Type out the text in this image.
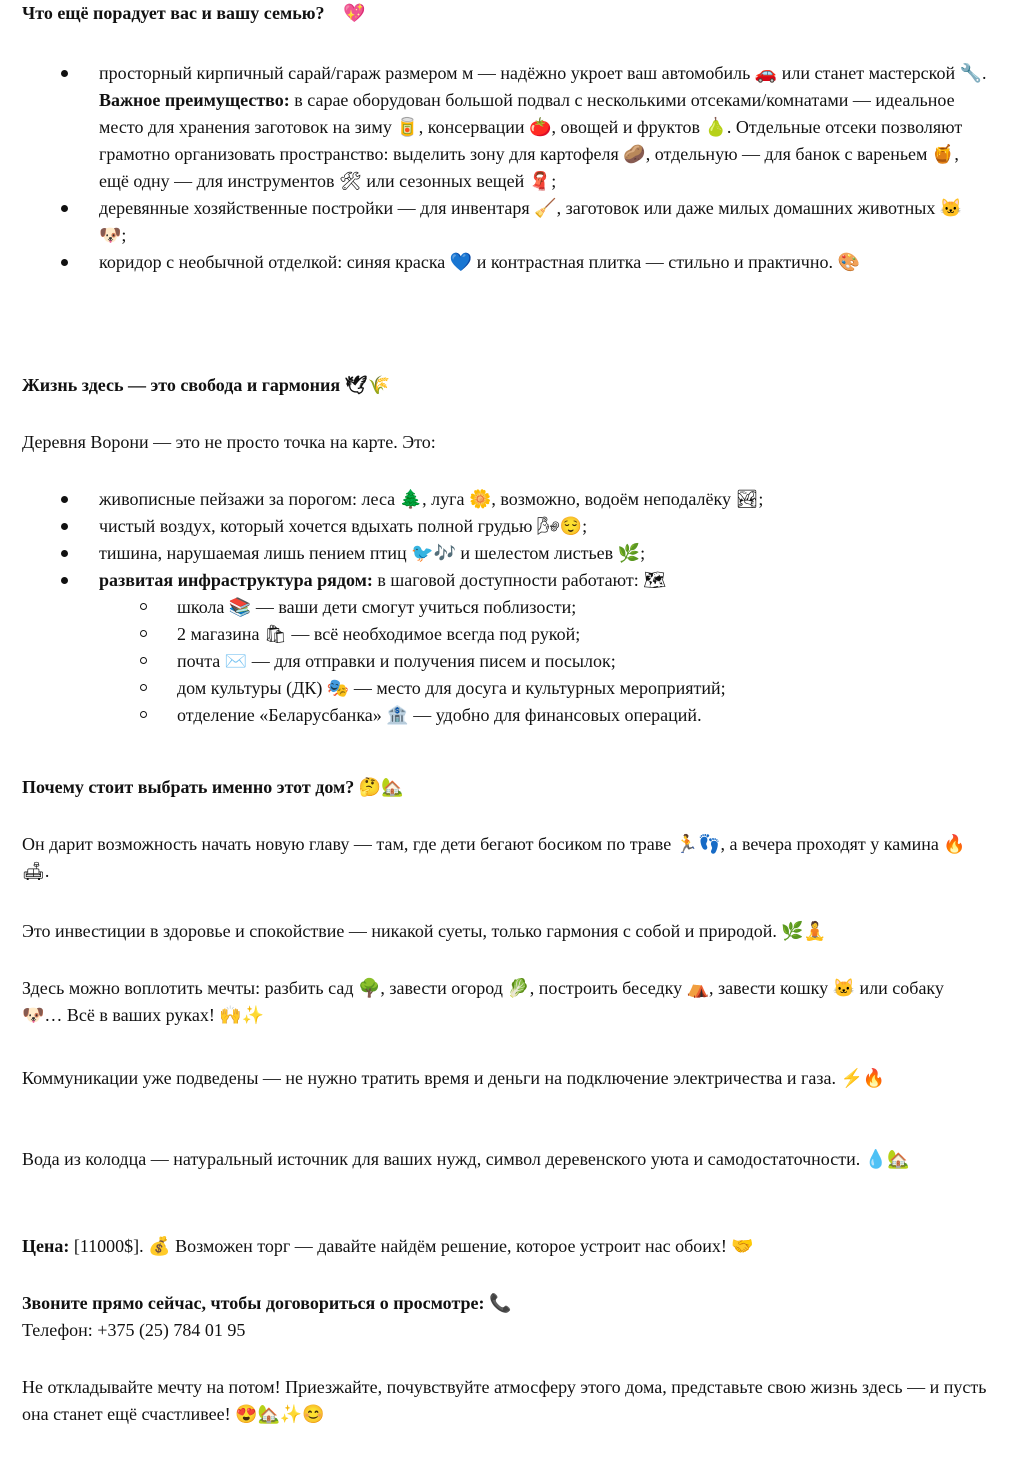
Что ещё порадует вас и вашу семью? 🏼💖

просторный кирпичный сарай/гараж размером м — надёжно укроет ваш автомобиль 🚗 или станет мастерской 🔧. Важное преимущество: в сарае оборудован большой подвал с несколькими отсеками/комнатами — идеальное место для хранения заготовок на зиму 🥫, консервации 🍅, овощей и фруктов 🍐. Отдельные отсеки позволяют грамотно организовать пространство: выделить зону для картофеля 🥔, отдельную — для банок с вареньем 🍯, ещё одну — для инструментов 🛠 или сезонных вещей 🧣;
деревянные хозяйственные постройки — для инвентаря 🧹, заготовок или даже милых домашних животных 🐱🐶;
коридор с необычной отделкой: синяя краска 💙 и контрастная плитка — стильно и практично. 🎨

Жизнь здесь — это свобода и гармония 🕊🌾

Деревня Ворони — это не просто точка на карте. Это:

живописные пейзажи за порогом: леса 🌲, луга 🌼, возможно, водоём неподалёку 🏞;
чистый воздух, который хочется вдыхать полной грудью 🌬😌;
тишина, нарушаемая лишь пением птиц 🐦🎶 и шелестом листьев 🌿;
развитая инфраструктура рядом: в шаговой доступности работают: 🗺
школа 📚 — ваши дети смогут учиться поблизости;
2 магазина 🛍 — всё необходимое всегда под рукой;
почта ✉️ — для отправки и получения писем и посылок;
дом культуры (ДК) 🎭 — место для досуга и культурных мероприятий;
отделение «Беларусбанка» 🏦 — удобно для финансовых операций.

Почему стоит выбрать именно этот дом? 🤔🏡

Он дарит возможность начать новую главу — там, где дети бегают босиком по траве 🏃👣, а вечера проходят у камина 🔥🛋.

Это инвестиции в здоровье и спокойствие — никакой суеты, только гармония с собой и природой. 🌿🧘

Здесь можно воплотить мечты: разбить сад 🌳, завести огород 🥬, построить беседку ⛺, завести кошку 🐱 или собаку 🐶… Всё в ваших руках! 🙌✨

Коммуникации уже подведены — не нужно тратить время и деньги на подключение электричества и газа. ⚡🔥

Вода из колодца — натуральный источник для ваших нужд, символ деревенского уюта и самодостаточности. 💧🏡

Цена: [11000$]. 💰 Возможен торг — давайте найдём решение, которое устроит нас обоих! 🤝

Звоните прямо сейчас, чтобы договориться о просмотре: 📞

Телефон: +375 (25) 784 01 95

Не откладывайте мечту на потом! Приезжайте, почувствуйте атмосферу этого дома, представьте свою жизнь здесь — и пусть она станет ещё счастливее! 😍🏡✨😊
